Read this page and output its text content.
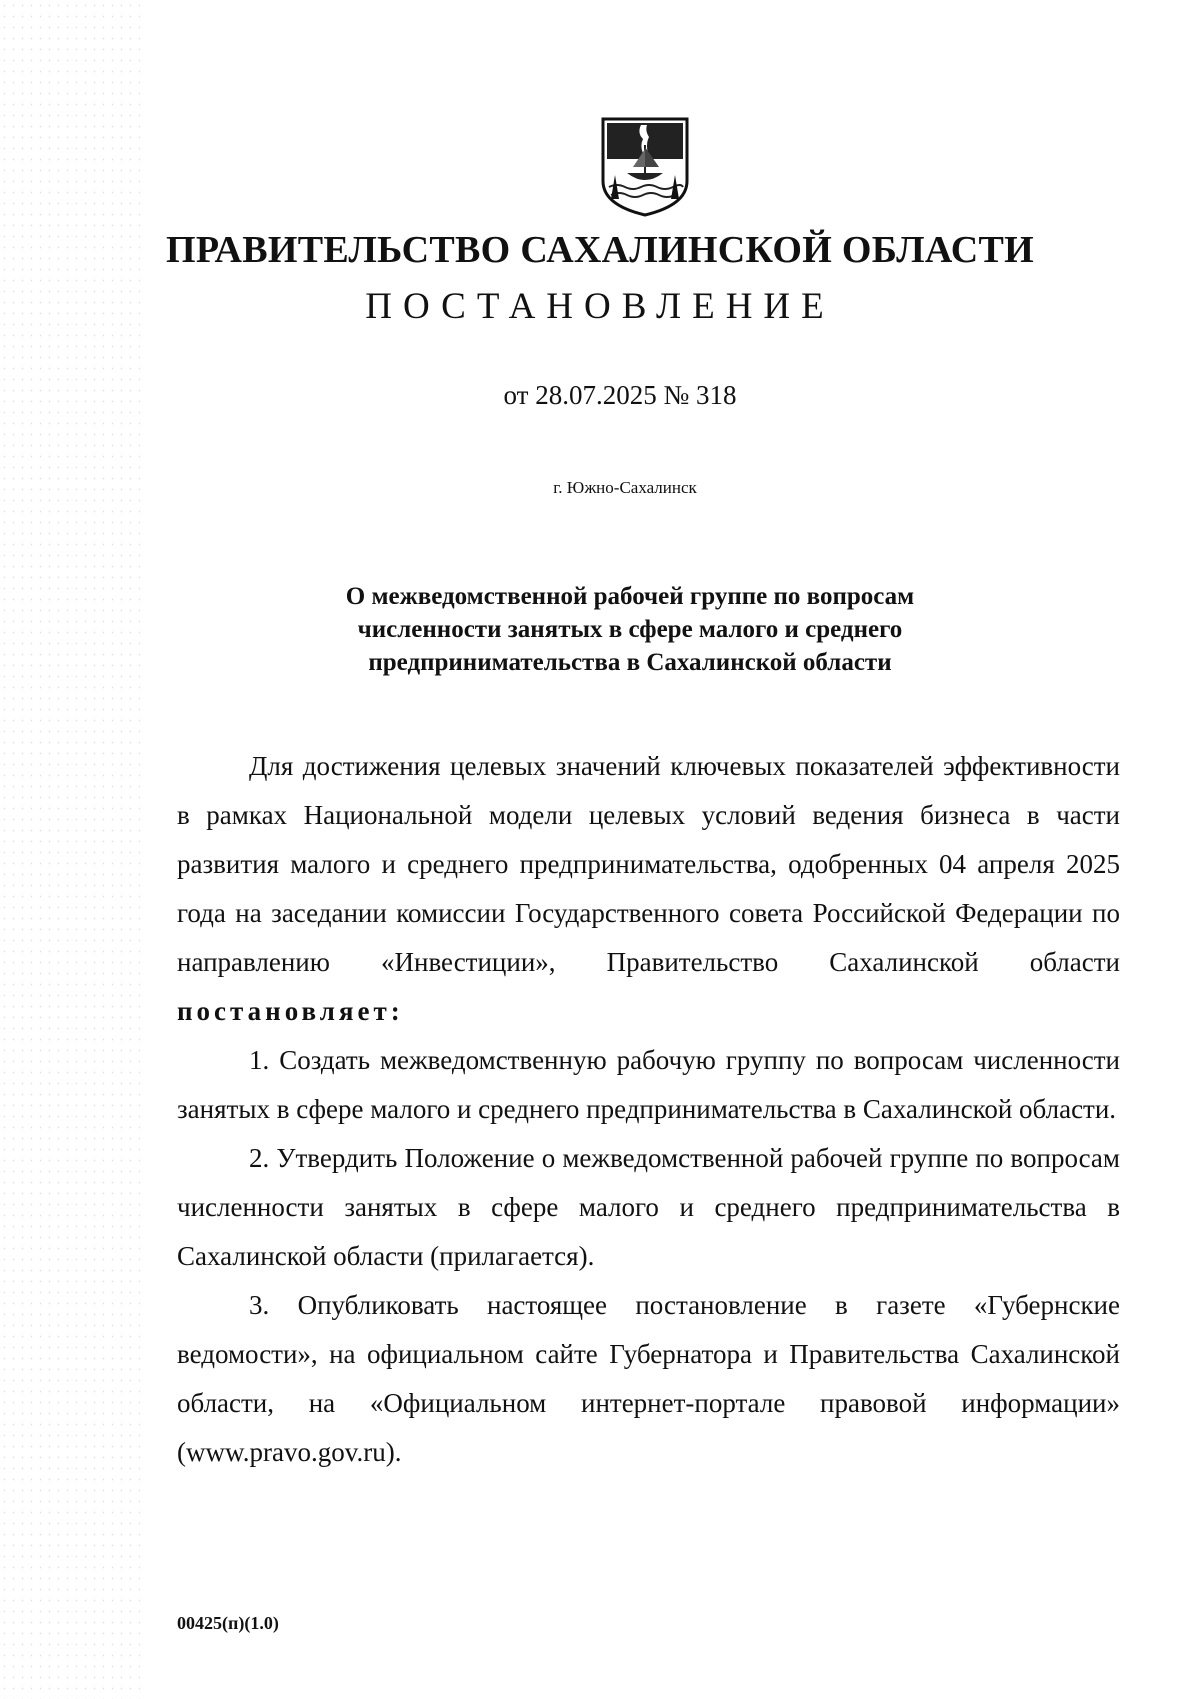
ПРАВИТЕЛЬСТВО САХАЛИНСКОЙ ОБЛАСТИ
ПОСТАНОВЛЕНИЕ
от 28.07.2025 № 318
г. Южно-Сахалинск
О межведомственной рабочей группе по вопросам
численности занятых в сфере малого и среднего
предпринимательства в Сахалинской области

Для достижения целевых значений ключевых показателей эффективности в рамках Национальной модели целевых условий ведения бизнеса в части развития малого и среднего предпринимательства, одобренных 04 апреля 2025 года на заседании комиссии Государственного совета Российской Федерации по направлению «Инвестиции», Правительство Сахалинской области постановляет:

1. Создать межведомственную рабочую группу по вопросам численности занятых в сфере малого и среднего предпринимательства в Сахалинской области.

2. Утвердить Положение о межведомственной рабочей группе по вопросам численности занятых в сфере малого и среднего предпринимательства в Сахалинской области (прилагается).

3. Опубликовать настоящее постановление в газете «Губернские ведомости», на официальном сайте Губернатора и Правительства Сахалинской области, на «Официальном интернет-портале правовой информации» (www.pravo.gov.ru).

00425(п)(1.0)
